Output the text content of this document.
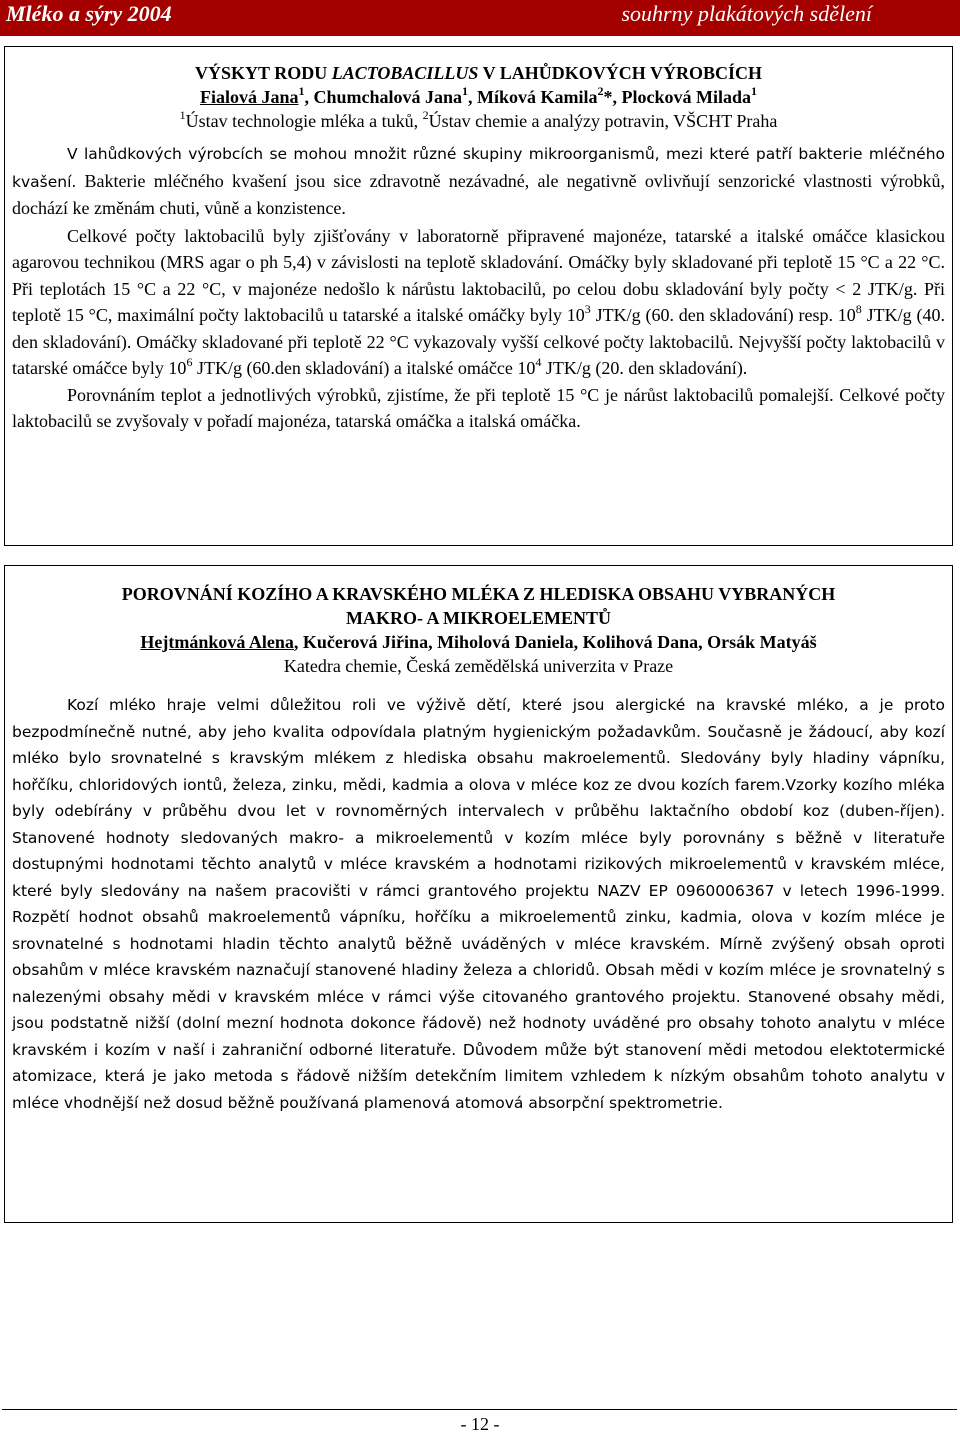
Mléko a sýry 2004	souhrny plakátových sdělení
VÝSKYT RODU LACTOBACILLUS V LAHŮDKOVÝCH VÝROBCÍCH
Fialová Jana$^1$, Chumchalová Jana$^1$, Míková Kamila$^2$*, Plocková Milada$^1$
$^1$Ústav technologie mléka a tuků, $^2$Ústav chemie a analýzy potravin, VŠCHT Praha

V lahůdkových výrobcích se mohou množit různé skupiny mikroorganismů, mezi které patří bakterie mléčného kvašení. Bakterie mléčného kvašení jsou sice zdravotně nezávadné, ale negativně ovlivňují senzorické vlastnosti výrobků, dochází ke změnám chuti, vůně a konzistence.

Celkové počty laktobacilů byly zjišťovány v laboratorně připravené majonéze, tatarské a italské omáčce klasickou agarovou technikou (MRS agar o ph 5,4) v závislosti na teplotě skladování. Omáčky byly skladované při teplotě 15 °C a 22 °C. Při teplotách 15 °C a 22 °C, v majonéze nedošlo k nárůstu laktobacilů, po celou dobu skladování byly počty < 2 JTK/g. Při teplotě 15 °C, maximální počty laktobacilů u tatarské a italské omáčky byly $10^3$ JTK/g (60. den skladování) resp. $10^8$ JTK/g (40. den skladování). Omáčky skladované při teplotě 22 °C vykazovaly vyšší celkové počty laktobacilů. Nejvyšší počty laktobacilů v tatarské omáčce byly $10^6$ JTK/g (60.den skladování) a italské omáčce $10^4$ JTK/g (20. den skladování).

Porovnáním teplot a jednotlivých výrobků, zjistíme, že při teplotě 15 °C je nárůst laktobacilů pomalejší. Celkové počty laktobacilů se zvyšovaly v pořadí majonéza, tatarská omáčka a italská omáčka.

POROVNÁNÍ KOZÍHO A KRAVSKÉHO MLÉKA Z HLEDISKA OBSAHU VYBRANÝCH
MAKRO- A MIKROELEMENTŮ
Hejtmánková Alena, Kučerová Jiřina, Miholová Daniela, Kolihová Dana, Orsák Matyáš
Katedra chemie, Česká zemědělská univerzita v Praze

Kozí mléko hraje velmi důležitou roli ve výživě dětí, které jsou alergické na kravské mléko, a je proto bezpodmínečně nutné, aby jeho kvalita odpovídala platným hygienickým požadavkům. Současně je žádoucí, aby kozí mléko bylo srovnatelné s kravským mlékem z hlediska obsahu makroelementů. Sledovány byly hladiny vápníku, hořčíku, chloridových iontů, železa, zinku, mědi, kadmia a olova v mléce koz ze dvou kozích farem.Vzorky kozího mléka byly odebírány v průběhu dvou let v rovnoměrných intervalech v průběhu laktačního období koz (duben-říjen). Stanovené hodnoty sledovaných makro- a mikroelementů v kozím mléce byly porovnány s běžně v literatuře dostupnými hodnotami těchto analytů v mléce kravském a hodnotami rizikových mikroelementů v kravském mléce, které byly sledovány na našem pracovišti v rámci grantového projektu NAZV EP 0960006367 v letech 1996-1999. Rozpětí hodnot obsahů makroelementů vápníku, hořčíku a mikroelementů zinku, kadmia, olova v kozím mléce je srovnatelné s hodnotami hladin těchto analytů běžně uváděných v mléce kravském. Mírně zvýšený obsah oproti obsahům v mléce kravském naznačují stanovené hladiny železa a chloridů. Obsah mědi v kozím mléce je srovnatelný s nalezenými obsahy mědi v kravském mléce v rámci výše citovaného grantového projektu. Stanovené obsahy mědi, jsou podstatně nižší (dolní mezní hodnota dokonce řádově) než hodnoty uváděné pro obsahy tohoto analytu v mléce kravském i kozím v naší i zahraniční odborné literatuře. Důvodem může být stanovení mědi metodou elektotermické atomizace, která je jako metoda s řádově nižším detekčním limitem vzhledem k nízkým obsahům tohoto analytu v mléce vhodnější než dosud běžně používaná plamenová atomová absorpční spektrometrie.

- 12 -
